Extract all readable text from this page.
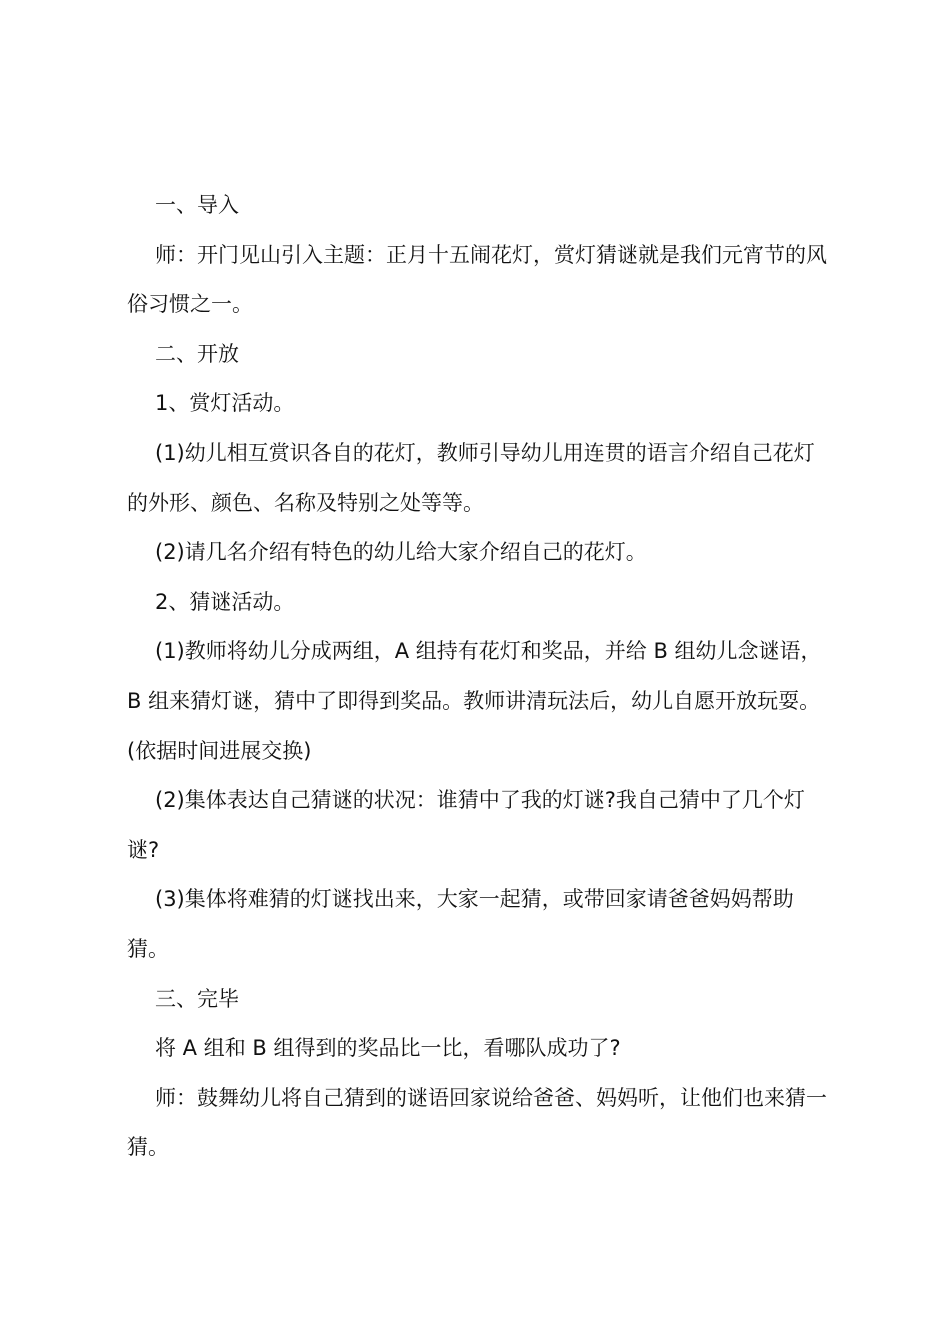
一、导入

师：开门见山引入主题：正月十五闹花灯，赏灯猜谜就是我们元宵节的风俗习惯之一。

二、开放

1、赏灯活动。

(1)幼儿相互赏识各自的花灯，教师引导幼儿用连贯的语言介绍自己花灯的外形、颜色、名称及特别之处等等。

(2)请几名介绍有特色的幼儿给大家介绍自己的花灯。

2、猜谜活动。

(1)教师将幼儿分成两组，A 组持有花灯和奖品，并给 B 组幼儿念谜语，B 组来猜灯谜，猜中了即得到奖品。教师讲清玩法后，幼儿自愿开放玩耍。(依据时间进展交换)

(2)集体表达自己猜谜的状况：谁猜中了我的灯谜?我自己猜中了几个灯谜?

(3)集体将难猜的灯谜找出来，大家一起猜，或带回家请爸爸妈妈帮助猜。

三、完毕

将 A 组和 B 组得到的奖品比一比，看哪队成功了?

师：鼓舞幼儿将自己猜到的谜语回家说给爸爸、妈妈听，让他们也来猜一猜。
